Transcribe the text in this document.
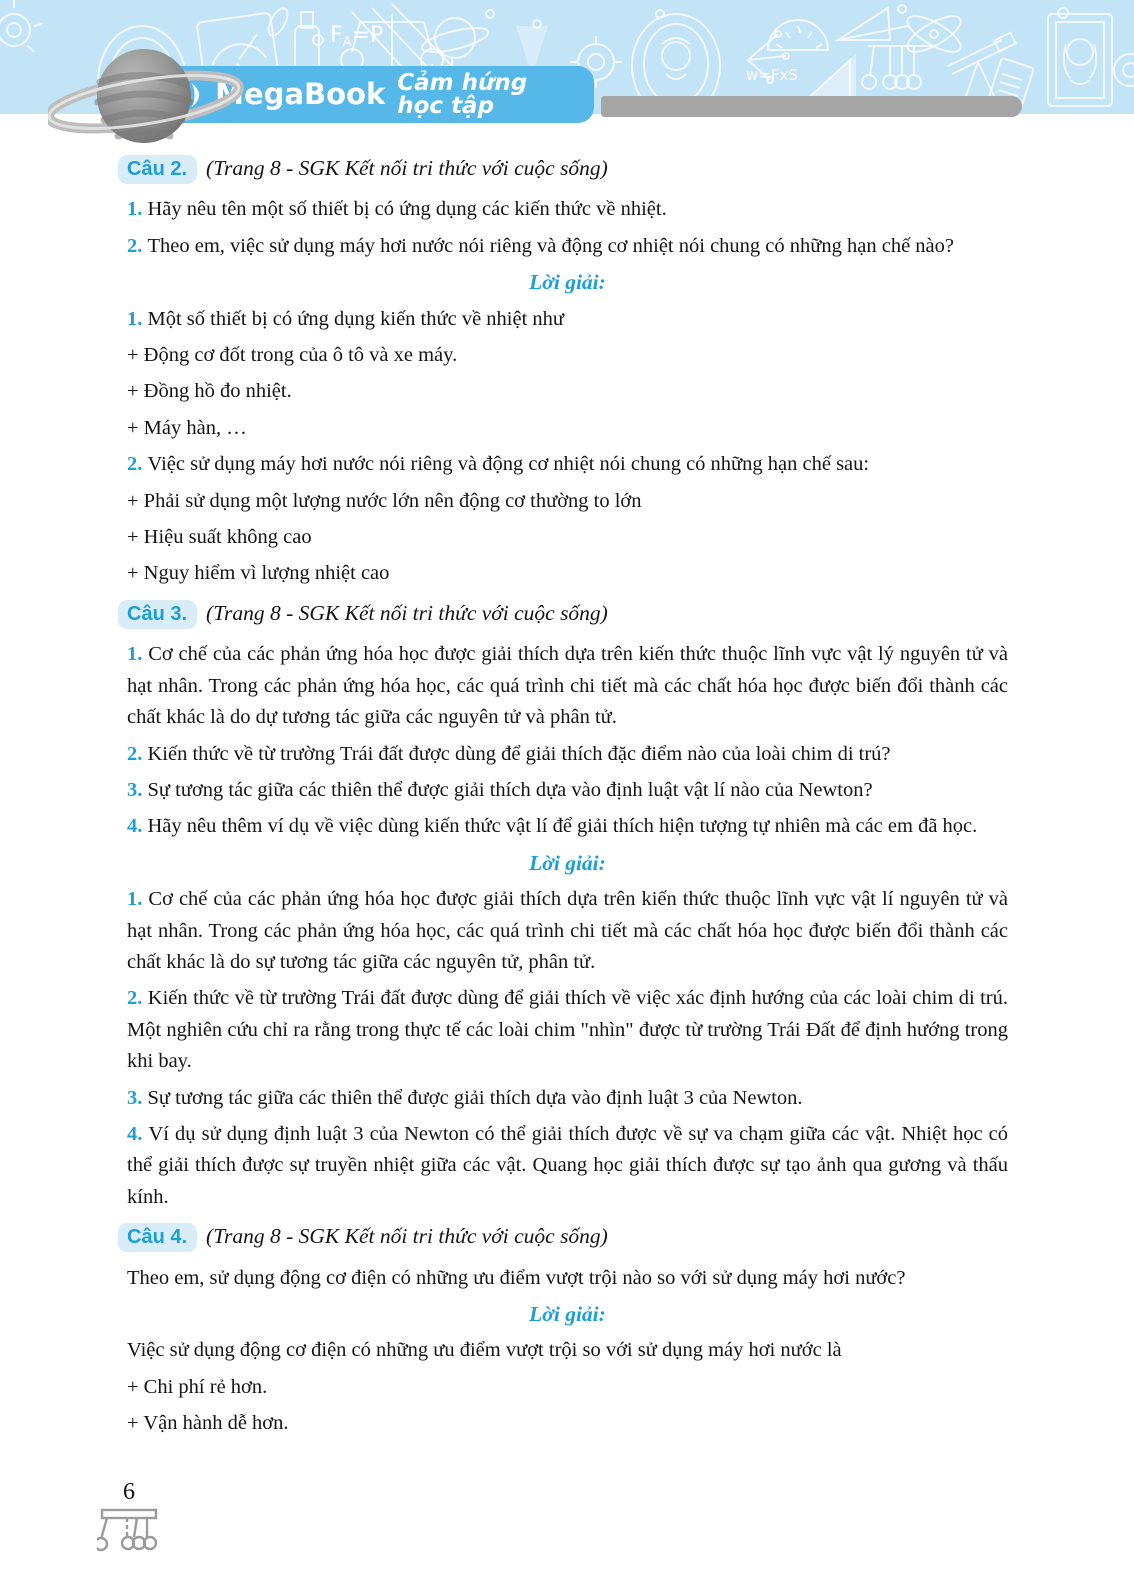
FA=P
w=FxS
MegaBook Cảm hứng học tập
Câu 2. (Trang 8 - SGK Kết nối tri thức với cuộc sống)

1. Hãy nêu tên một số thiết bị có ứng dụng các kiến thức về nhiệt.

2. Theo em, việc sử dụng máy hơi nước nói riêng và động cơ nhiệt nói chung có những hạn chế nào?

Lời giải:

1. Một số thiết bị có ứng dụng kiến thức về nhiệt như

+ Động cơ đốt trong của ô tô và xe máy.

+ Đồng hồ đo nhiệt.

+ Máy hàn, …

2. Việc sử dụng máy hơi nước nói riêng và động cơ nhiệt nói chung có những hạn chế sau:

+ Phải sử dụng một lượng nước lớn nên động cơ thường to lớn

+ Hiệu suất không cao

+ Nguy hiểm vì lượng nhiệt cao

Câu 3. (Trang 8 - SGK Kết nối tri thức với cuộc sống)

1. Cơ chế của các phản ứng hóa học được giải thích dựa trên kiến thức thuộc lĩnh vực vật lý nguyên tử và hạt nhân. Trong các phản ứng hóa học, các quá trình chi tiết mà các chất hóa học được biến đổi thành các chất khác là do dự tương tác giữa các nguyên tử và phân tử.

2. Kiến thức về từ trường Trái đất được dùng để giải thích đặc điểm nào của loài chim di trú?

3. Sự tương tác giữa các thiên thể được giải thích dựa vào định luật vật lí nào của Newton?

4. Hãy nêu thêm ví dụ về việc dùng kiến thức vật lí để giải thích hiện tượng tự nhiên mà các em đã học.

Lời giải:

1. Cơ chế của các phản ứng hóa học được giải thích dựa trên kiến thức thuộc lĩnh vực vật lí nguyên tử và hạt nhân. Trong các phản ứng hóa học, các quá trình chi tiết mà các chất hóa học được biến đổi thành các chất khác là do sự tương tác giữa các nguyên tử, phân tử.

2. Kiến thức về từ trường Trái đất được dùng để giải thích về việc xác định hướng của các loài chim di trú. Một nghiên cứu chỉ ra rằng trong thực tế các loài chim "nhìn" được từ trường Trái Đất để định hướng trong khi bay.

3. Sự tương tác giữa các thiên thể được giải thích dựa vào định luật 3 của Newton.

4. Ví dụ sử dụng định luật 3 của Newton có thể giải thích được về sự va chạm giữa các vật. Nhiệt học có thể giải thích được sự truyền nhiệt giữa các vật. Quang học giải thích được sự tạo ảnh qua gương và thấu kính.

Câu 4. (Trang 8 - SGK Kết nối tri thức với cuộc sống)

Theo em, sử dụng động cơ điện có những ưu điểm vượt trội nào so với sử dụng máy hơi nước?

Lời giải:

Việc sử dụng động cơ điện có những ưu điểm vượt trội so với sử dụng máy hơi nước là

+ Chi phí rẻ hơn.

+ Vận hành dễ hơn.

6
